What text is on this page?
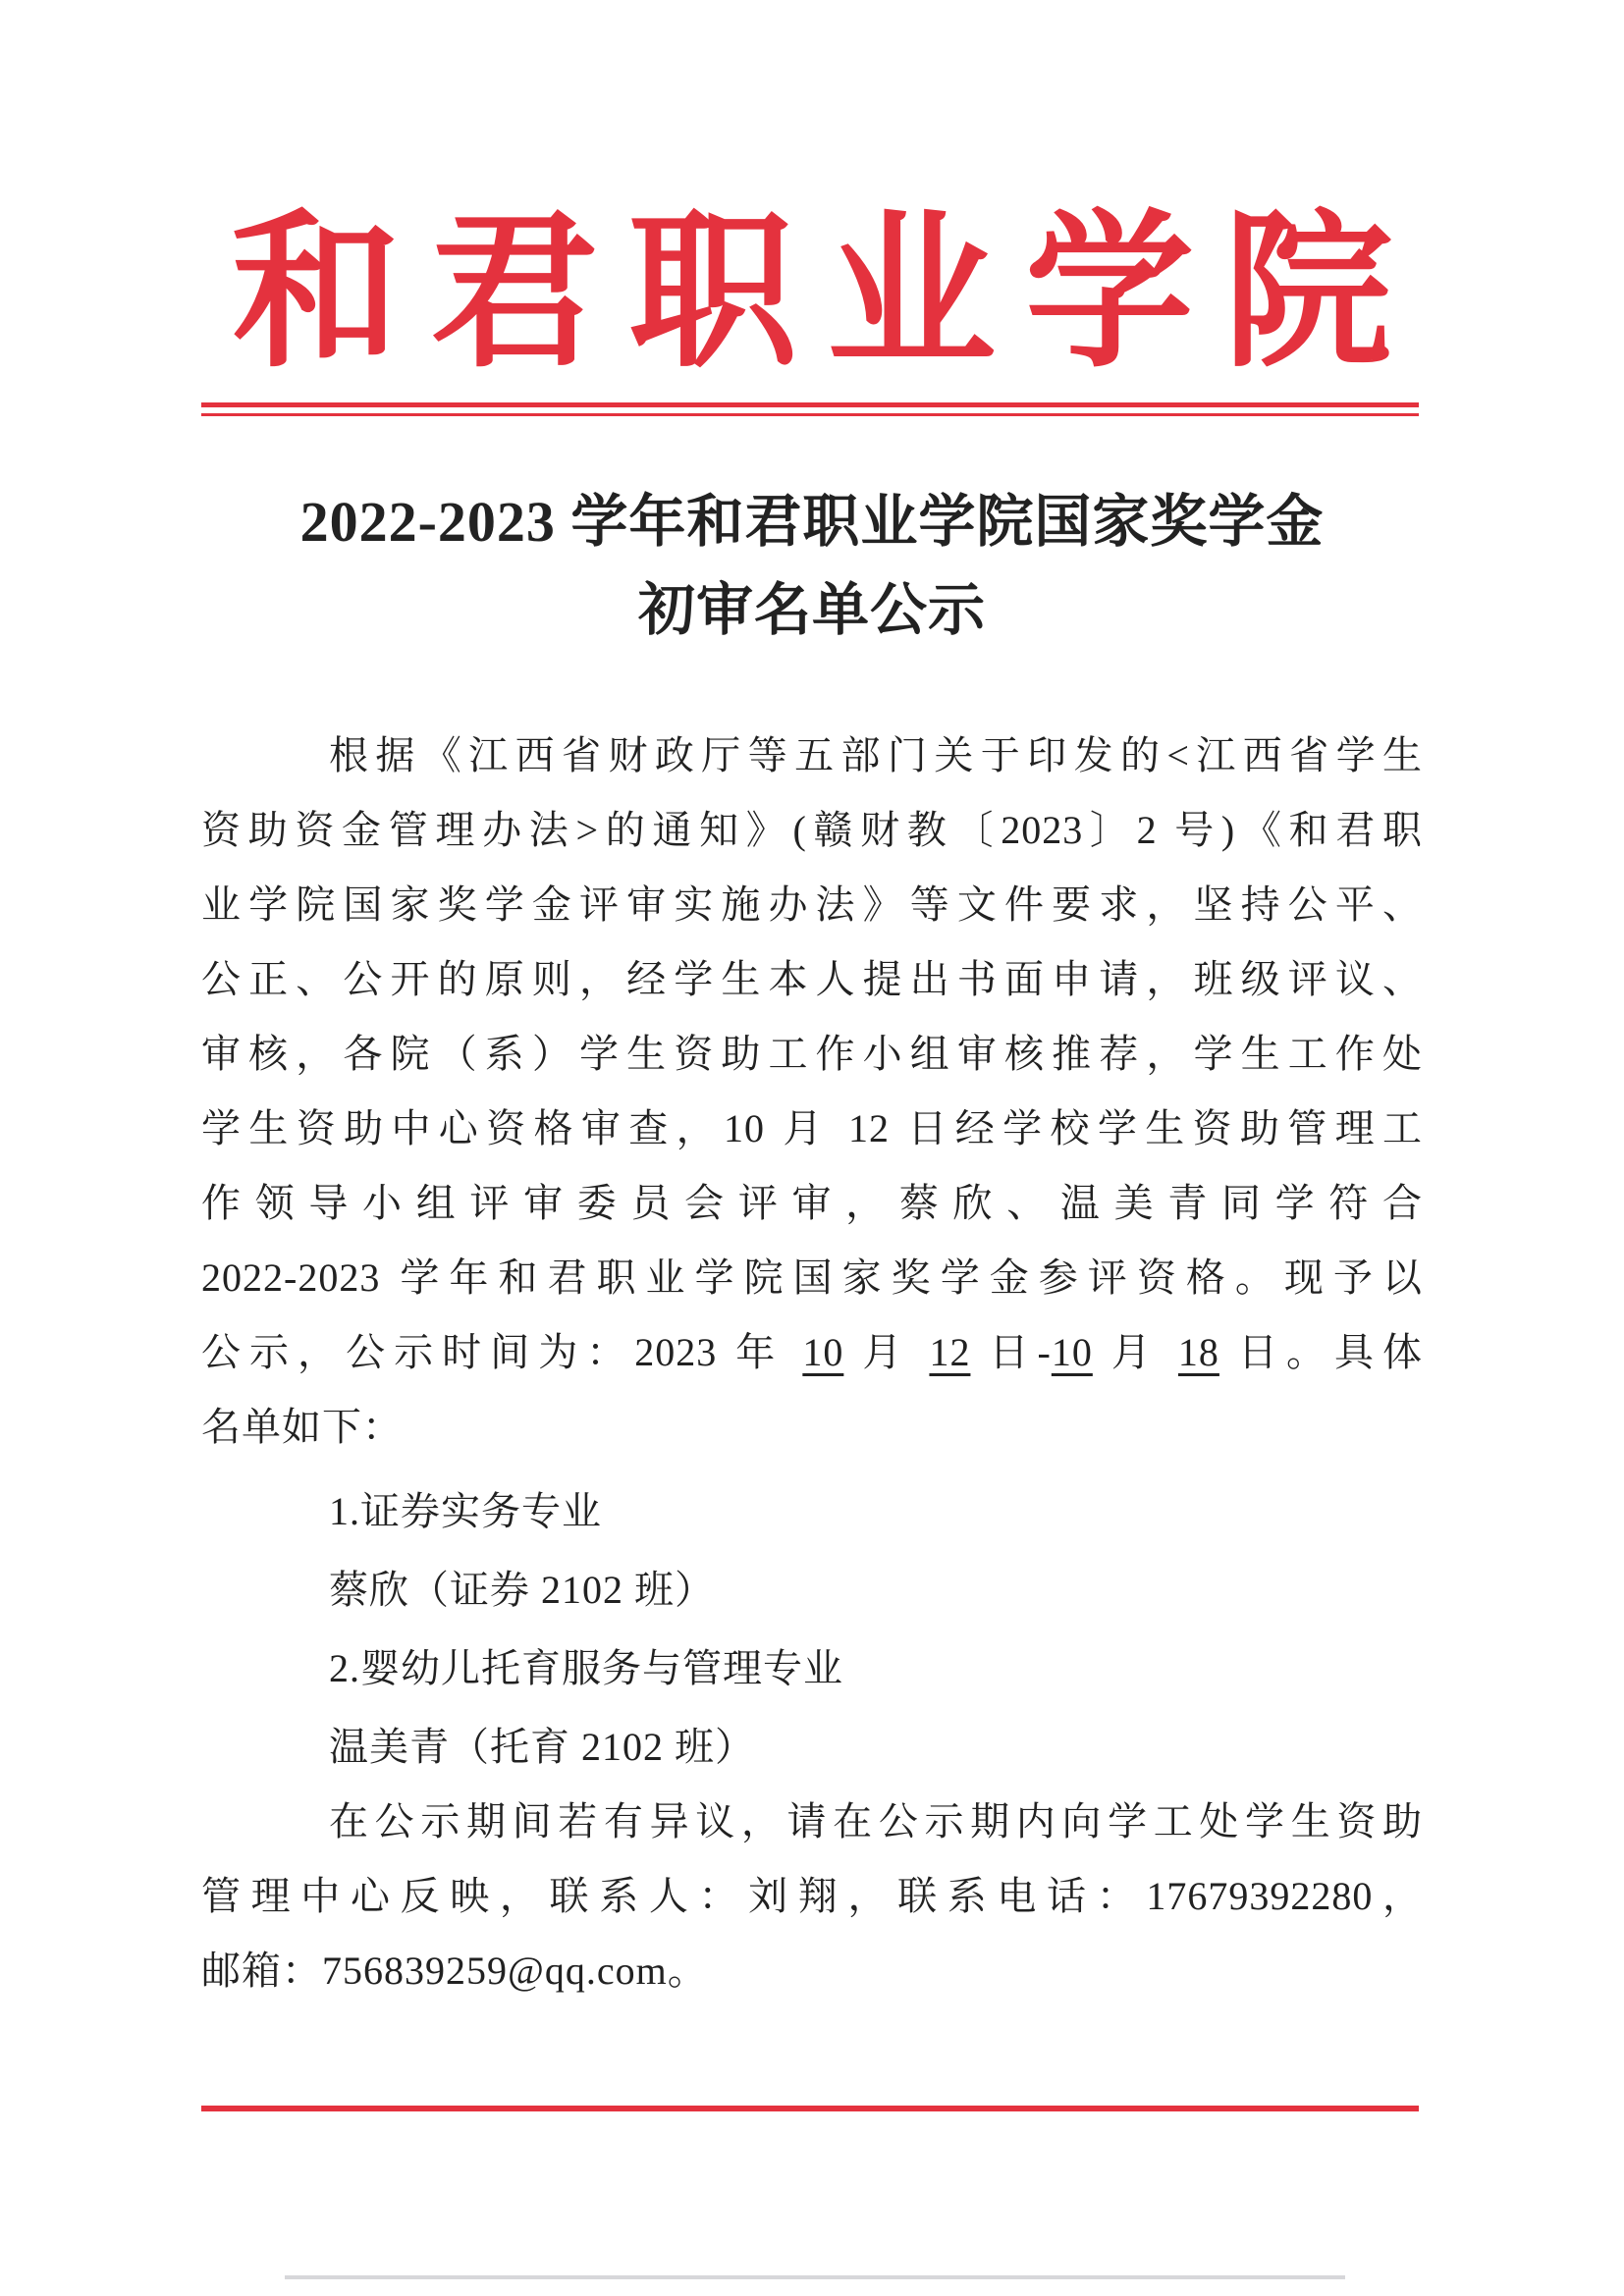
和君职业学院
2022-2023 学年和君职业学院国家奖学金
初审名单公示
根据《江西省财政厅等五部门关于印发的<江西省学生
资助资金管理办法>的通知》(赣财教〔2023〕2 号)《和君职
业学院国家奖学金评审实施办法》等文件要求，坚持公平、
公正、公开的原则，经学生本人提出书面申请，班级评议、
审核，各院（系）学生资助工作小组审核推荐，学生工作处
学生资助中心资格审查，10 月 12 日经学校学生资助管理工
作领导小组评审委员会评审，蔡欣、温美青同学符合
2022-2023 学年和君职业学院国家奖学金参评资格。现予以
公示，公示时间为：2023 年 10 月 12 日-10 月 18 日。具体
名单如下：
1.证券实务专业
蔡欣（证券 2102 班）
2.婴幼儿托育服务与管理专业
温美青（托育 2102 班）
在公示期间若有异议，请在公示期内向学工处学生资助
管理中心反映，联系人：刘翔，联系电话：17679392280，
邮箱：756839259@qq.com。
